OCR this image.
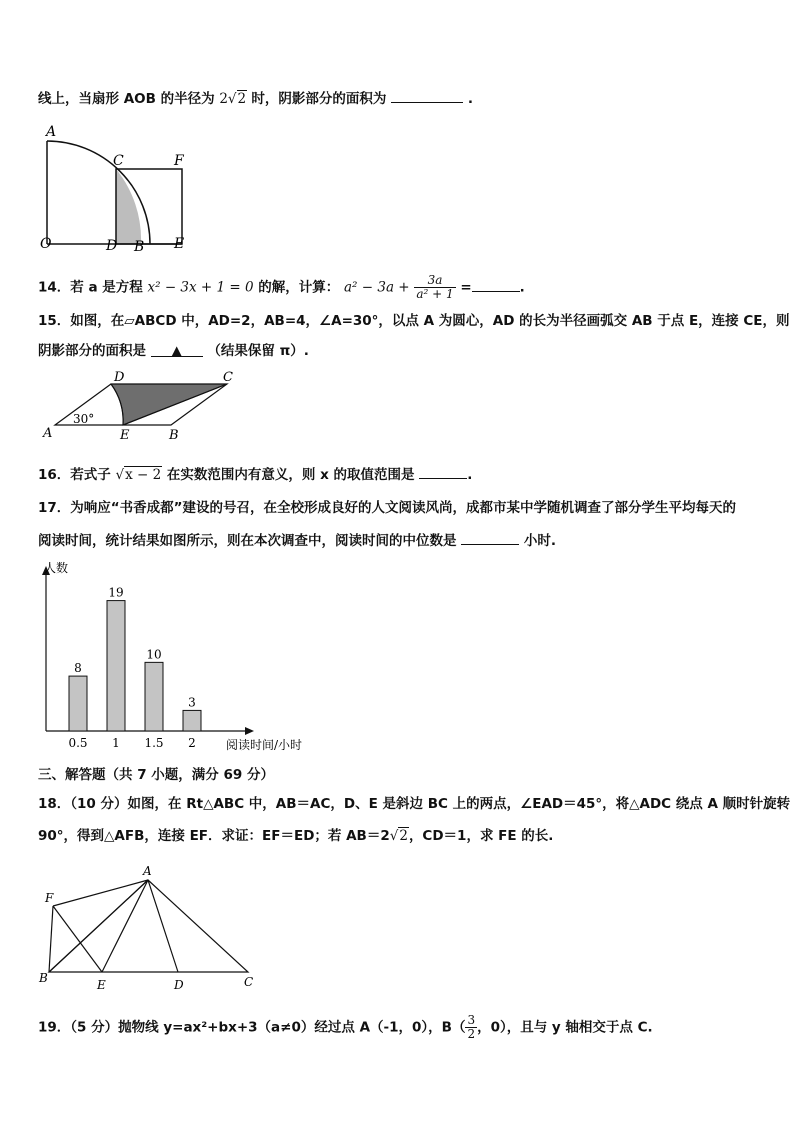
线上，当扇形 AOB 的半径为 2√2 时，阴影部分的面积为	.
A
C	F
O	D B E
14．若 a 是方程 x² − 3x + 1 = 0 的解，计算： $a^2 - 3a + \frac{3a}{\text{a² + 1}}$ =	.
15．如图，在▱ABCD 中，AD=2，AB=4，∠A=30°，以点 A 为圆心，AD 的长为半径画弧交 AB 于点 E，连接 CE，则
阴影部分的面积是 ▲ （结果保留 π）.
D	C
A	E	B
30°
16．若式子 √x − 2 在实数范围内有意义，则 x 的取值范围是	.
17．为响应“书香成都”建设的号召，在全校形成良好的人文阅读风尚，成都市某中学随机调查了部分学生平均每天的
阅读时间，统计结果如图所示，则在本次调查中，阅读时间的中位数是	小时.
人数
阅读时间/小时
8
0.5
19
1
10
1.5
3
2
三、解答题（共 7 小题，满分 69 分）
18．（10 分）如图，在 Rt△ABC 中，AB＝AC，D、E 是斜边 BC 上的两点，∠EAD＝45°，将△ADC 绕点 A 顺时针旋转
90°，得到△AFB，连接 EF．求证：EF＝ED；若 AB＝2√2，CD＝1，求 FE 的长.
A
F
B	E	D	C
19．（5 分）抛物线 y=ax²+bx+3（a≠0）经过点 A（-1，0），$B( \frac{3}{2}$ ，0），且与 y 轴相交于点 C.
